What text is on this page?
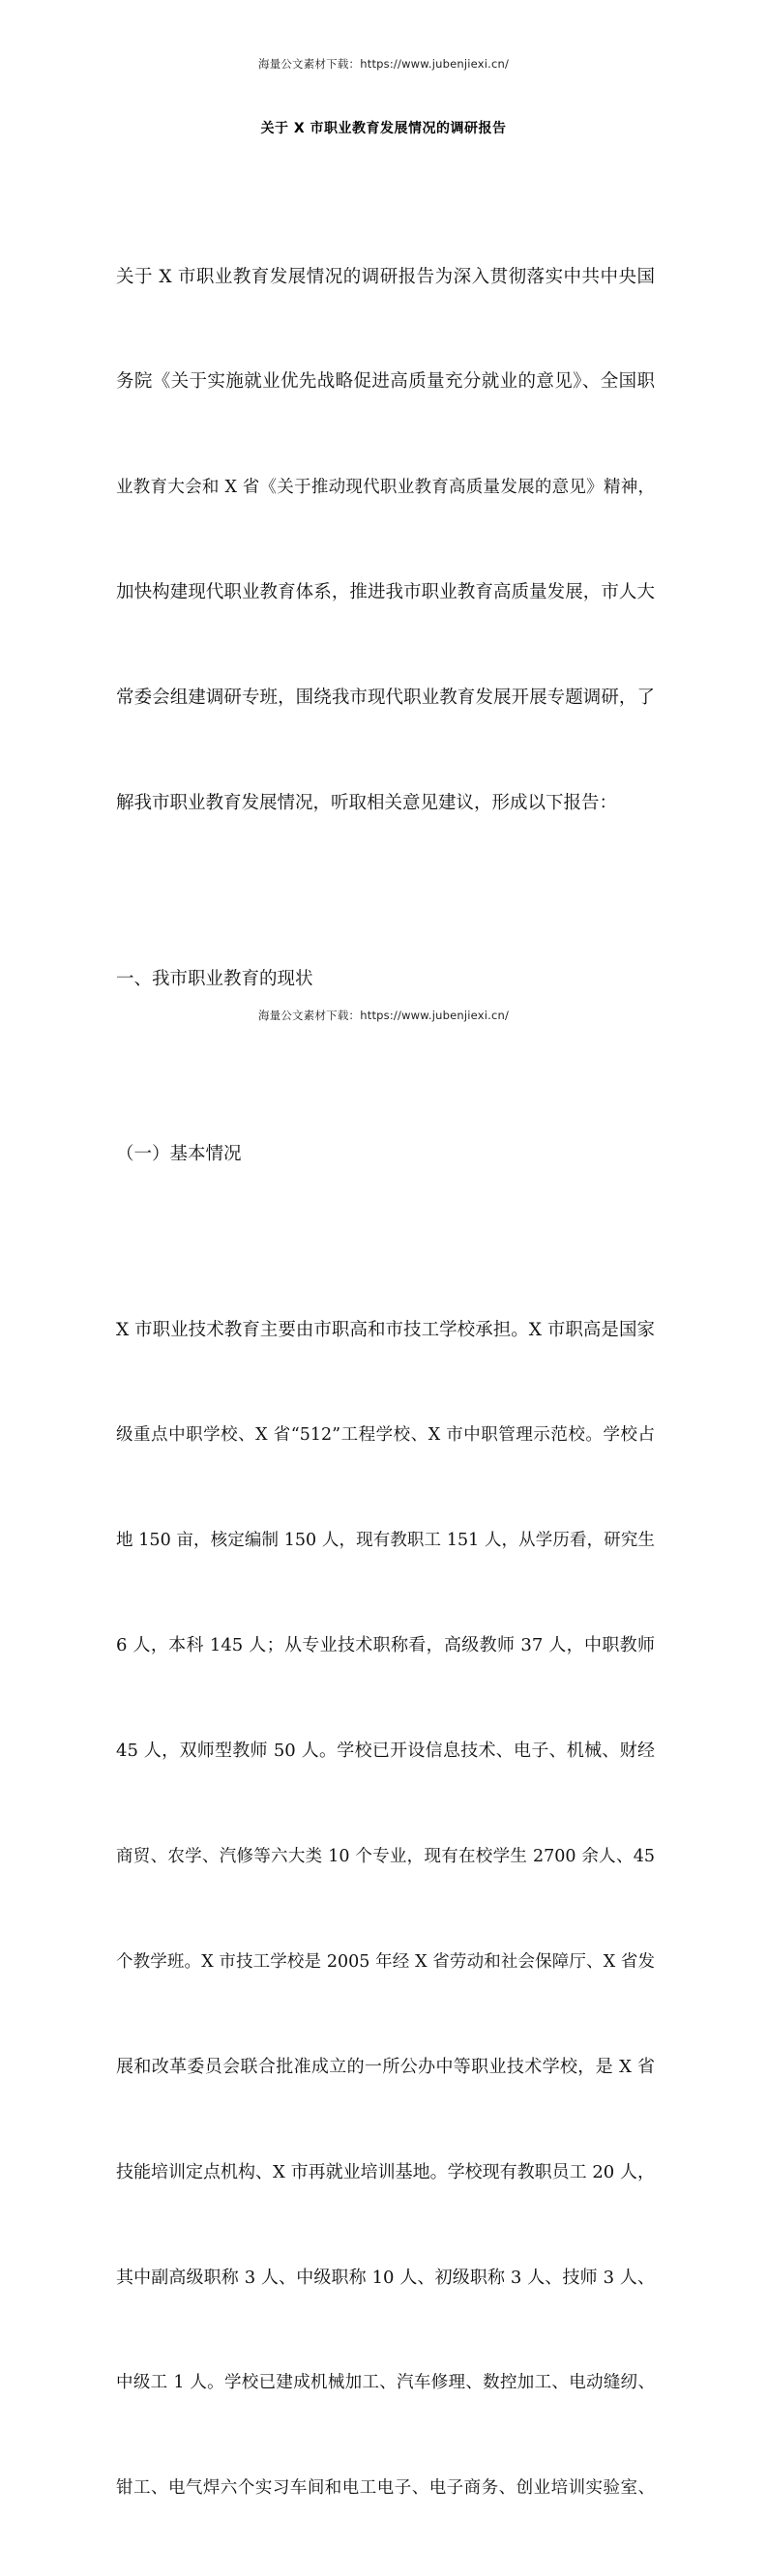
海量公文素材下载：https://www.jubenjiexi.cn/
关于 X 市职业教育发展情况的调研报告

关于 X 市职业教育发展情况的调研报告为深入贯彻落实中共中央国

务院《关于实施就业优先战略促进高质量充分就业的意见》、全国职

业教育大会和 X 省《关于推动现代职业教育高质量发展的意见》精神，

加快构建现代职业教育体系，推进我市职业教育高质量发展，市人大

常委会组建调研专班，围绕我市现代职业教育发展开展专题调研，了

解我市职业教育发展情况，听取相关意见建议，形成以下报告：

一、我市职业教育的现状

（一）基本情况

X 市职业技术教育主要由市职高和市技工学校承担。X 市职高是国家

级重点中职学校、X 省“512”工程学校、X 市中职管理示范校。学校占

地 150 亩，核定编制 150 人，现有教职工 151 人，从学历看，研究生

6 人，本科 145 人；从专业技术职称看，高级教师 37 人，中职教师

45 人，双师型教师 50 人。学校已开设信息技术、电子、机械、财经

商贸、农学、汽修等六大类 10 个专业，现有在校学生 2700 余人、45

个教学班。X 市技工学校是 2005 年经 X 省劳动和社会保障厅、X 省发

展和改革委员会联合批准成立的一所公办中等职业技术学校，是 X 省

技能培训定点机构、X 市再就业培训基地。学校现有教职员工 20 人，

其中副高级职称 3 人、中级职称 10 人、初级职称 3 人、技师 3 人、

中级工 1 人。学校已建成机械加工、汽车修理、数控加工、电动缝纫、

钳工、电气焊六个实习车间和电工电子、电子商务、创业培训实验室、

海量公文素材下载：https://www.jubenjiexi.cn/
